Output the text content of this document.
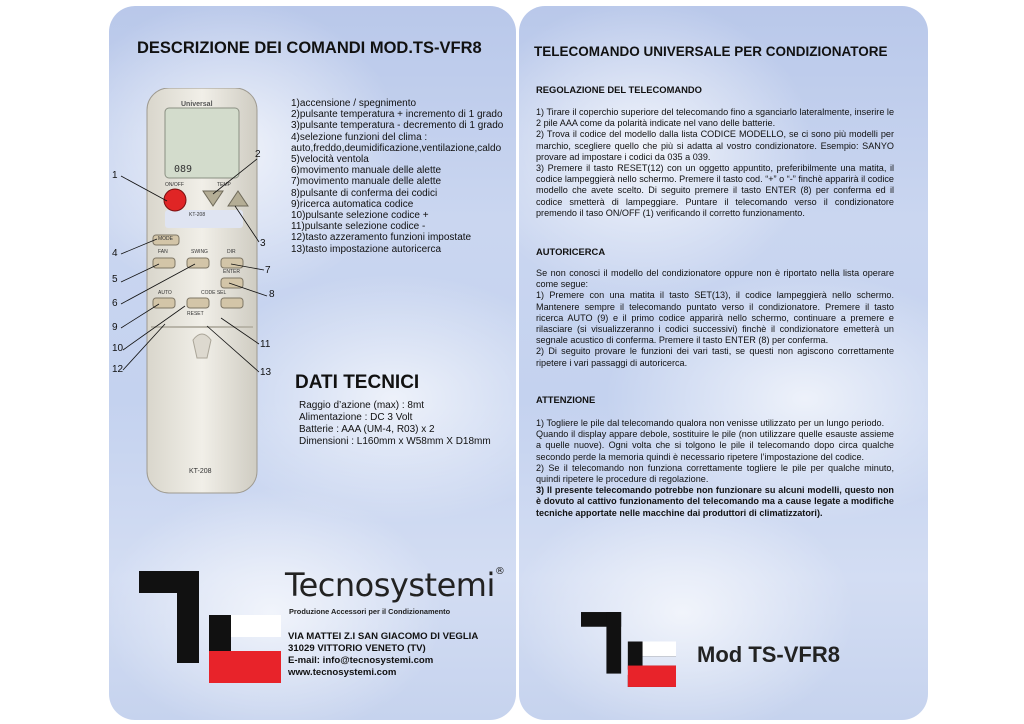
DESCRIZIONE DEI COMANDI MOD.TS-VFR8
Universal
089
ON/OFF	TEMP
KT-208
MODE
FAN	SWING	DIR
ENTER
AUTO	CODE SEL
RESET
KT-208
1
2
3
4
5
6
7
8
9
10	11
12	13
1)accensione / spegnimento
2)pulsante temperatura + incremento di 1 grado
3)pulsante temperatura - decremento di 1 grado
4)selezione funzioni del clima :
auto,freddo,deumidificazione,ventilazione,caldo
5)velocità ventola
6)movimento manuale delle alette
7)movimento manuale delle alette
8)pulsante di conferma dei codici
9)ricerca automatica codice
10)pulsante selezione codice +
11)pulsante selezione codice -
12)tasto azzeramento funzioni impostate
13)tasto impostazione autoricerca
DATI TECNICI
Raggio d’azione (max) : 8mt
Alimentazione : DC 3 Volt
Batterie : AAA (UM-4, R03) x 2
Dimensioni : L160mm x W58mm X D18mm
Tecnosystemi®
Produzione Accessori per il Condizionamento
VIA MATTEI Z.I SAN GIACOMO DI VEGLIA
31029 VITTORIO VENETO (TV)
E-mail: info@tecnosystemi.com
www.tecnosystemi.com
TELECOMANDO UNIVERSALE PER CONDIZIONATORE
REGOLAZIONE DEL TELECOMANDO
1) Tirare il coperchio superiore del telecomando fino a sganciarlo lateralmente, inserire le 2 pile AAA come da polarità indicate nel vano delle batterie.
2) Trova il codice del modello dalla lista CODICE MODELLO, se ci sono più modelli per marchio, scegliere quello che più si adatta al vostro condizionatore. Esempio: SANYO provare ad impostare i codici da 035 a 039.
3) Premere il tasto RESET(12) con un oggetto appuntito, preferibilmente una matita, il codice lampeggierà nello schermo. Premere il tasto cod. “+” o “-” finchè apparirà il codice modello che avete scelto. Di seguito premere il tasto ENTER (8) per conferma ed il codice smetterà di lampeggiare. Puntare il telecomando verso il condizionatore premendo il taso ON/OFF (1) verificando il corretto funzionamento.
AUTORICERCA
Se non conosci il modello del condizionatore oppure non è riportato nella lista operare come segue:
1) Premere con una matita il tasto SET(13), il codice lampeggierà nello schermo. Mantenere sempre il telecomando puntato verso il condizionatore. Premere il tasto ricerca AUTO (9) e il primo codice apparirà nello schermo, continuare a premere e rilasciare (si visualizzeranno i codici successivi) finchè il condizionatore emetterà un segnale acustico di conferma. Premere il tasto ENTER (8) per conferma.
2) Di seguito provare le funzioni dei vari tasti, se questi non agiscono correttamente ripetere i vari passaggi di autoricerca.
ATTENZIONE
1) Togliere le pile dal telecomando qualora non venisse utilizzato per un lungo periodo.
Quando il display appare debole, sostituire le pile (non utilizzare quelle esauste assieme a quelle nuove). Ogni volta che si tolgono le pile il telecomando dopo circa qualche secondo perde la memoria quindi è necessario ripetere l’impostazione del codice.
2) Se il telecomando non funziona correttamente togliere le pile per qualche minuto, quindi ripetere le procedure di regolazione.
3) Il presente telecomando potrebbe non funzionare su alcuni modelli, questo non è dovuto al cattivo funzionamento del telecomando ma a cause legate a modifiche tecniche apportate nelle macchine dai produttori di climatizzatori).
Mod TS-VFR8
